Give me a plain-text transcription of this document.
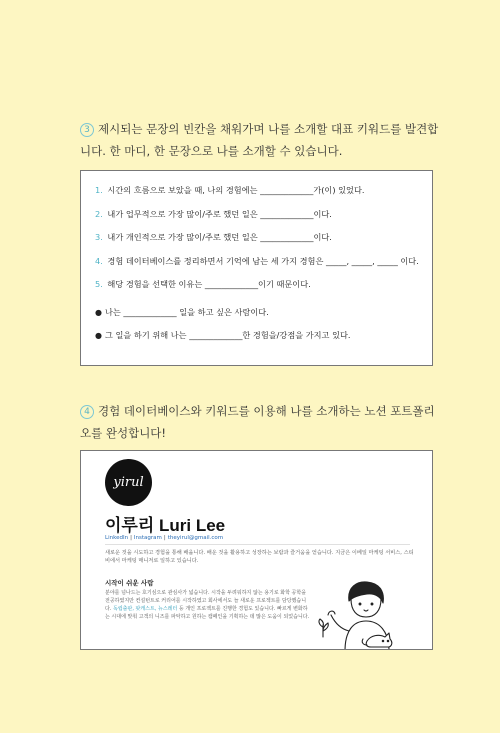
3 제시되는 문장의 빈칸을 채워가며 나를 소개할 대표 키워드를 발견합니다. 한 마디, 한 문장으로 나를 소개할 수 있습니다.
1. 시간의 흐름으로 보았을 때, 나의 경험에는 _____________가(이) 있었다.
2. 내가 업무적으로 가장 많이/주로 했던 일은 _____________이다.
3. 내가 개인적으로 가장 많이/주로 했던 일은 _____________이다.
4. 경험 데이터베이스를 정리하면서 기억에 남는 세 가지 경험은 _____, _____, _____ 이다.
5. 해당 경험을 선택한 이유는 _____________이기 때문이다.
● 나는 _____________ 일을 하고 싶은 사람이다.
● 그 일을 하기 위해 나는 _____________한 경험을/강점을 가지고 있다.
4 경험 데이터베이스와 키워드를 이용해 나를 소개하는 노션 포트폴리오를 완성합니다!
yirul
이루리 Luri Lee
LinkedIn | Instagram | theyirul@gmail.com
새로운 것을 시도하고 경험을 통해 배웁니다. 배운 것을 활용하고 성장하는 보람과 즐거움을 얻습니다. 지금은 이베일 마케팅 서비스, 스티비에서 마케팅 매니저로 일하고 있습니다.
시작이 쉬운 사람
분야를 넘나드는 호기심으로 관심사가 넓습니다. 시작을 두려워하지 않는 용기로 화학 공학을 전공하였지만 컨설턴트로 커리어를 시작하였고 회사에서도 늘 새로운 프로젝트를 담당했습니다. 독립출판, 팟캐스트, 뉴스레터 등 개인 프로젝트를 진행한 경험도 있습니다. 빠르게 변화하는 시대에 맞춰 고객의 니즈를 파악하고 원하는 캠페인을 기획하는 데 많은 도움이 되었습니다.
